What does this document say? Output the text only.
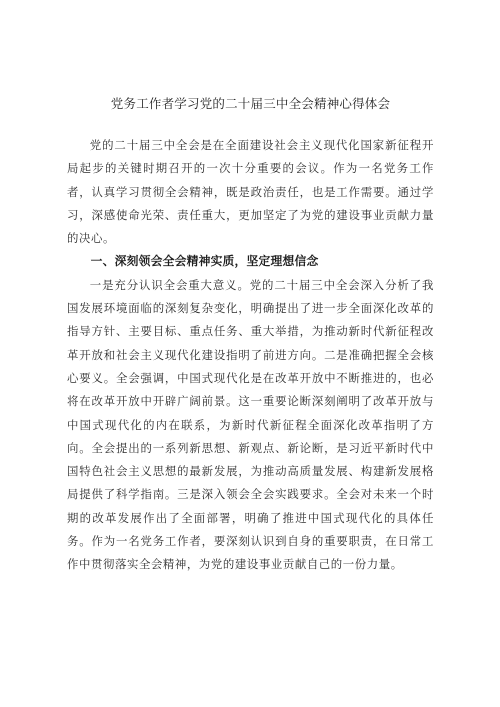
党务工作者学习党的二十届三中全会精神心得体会

党的二十届三中全会是在全面建设社会主义现代化国家新征程开局起步的关键时期召开的一次十分重要的会议。作为一名党务工作者，认真学习贯彻全会精神，既是政治责任，也是工作需要。通过学习，深感使命光荣、责任重大，更加坚定了为党的建设事业贡献力量的决心。

一、深刻领会全会精神实质，坚定理想信念

一是充分认识全会重大意义。党的二十届三中全会深入分析了我国发展环境面临的深刻复杂变化，明确提出了进一步全面深化改革的指导方针、主要目标、重点任务、重大举措，为推动新时代新征程改革开放和社会主义现代化建设指明了前进方向。二是准确把握全会核心要义。全会强调，中国式现代化是在改革开放中不断推进的，也必将在改革开放中开辟广阔前景。这一重要论断深刻阐明了改革开放与中国式现代化的内在联系，为新时代新征程全面深化改革指明了方向。全会提出的一系列新思想、新观点、新论断，是习近平新时代中国特色社会主义思想的最新发展，为推动高质量发展、构建新发展格局提供了科学指南。三是深入领会全会实践要求。全会对未来一个时期的改革发展作出了全面部署，明确了推进中国式现代化的具体任务。作为一名党务工作者，要深刻认识到自身的重要职责，在日常工作中贯彻落实全会精神，为党的建设事业贡献自己的一份力量。
